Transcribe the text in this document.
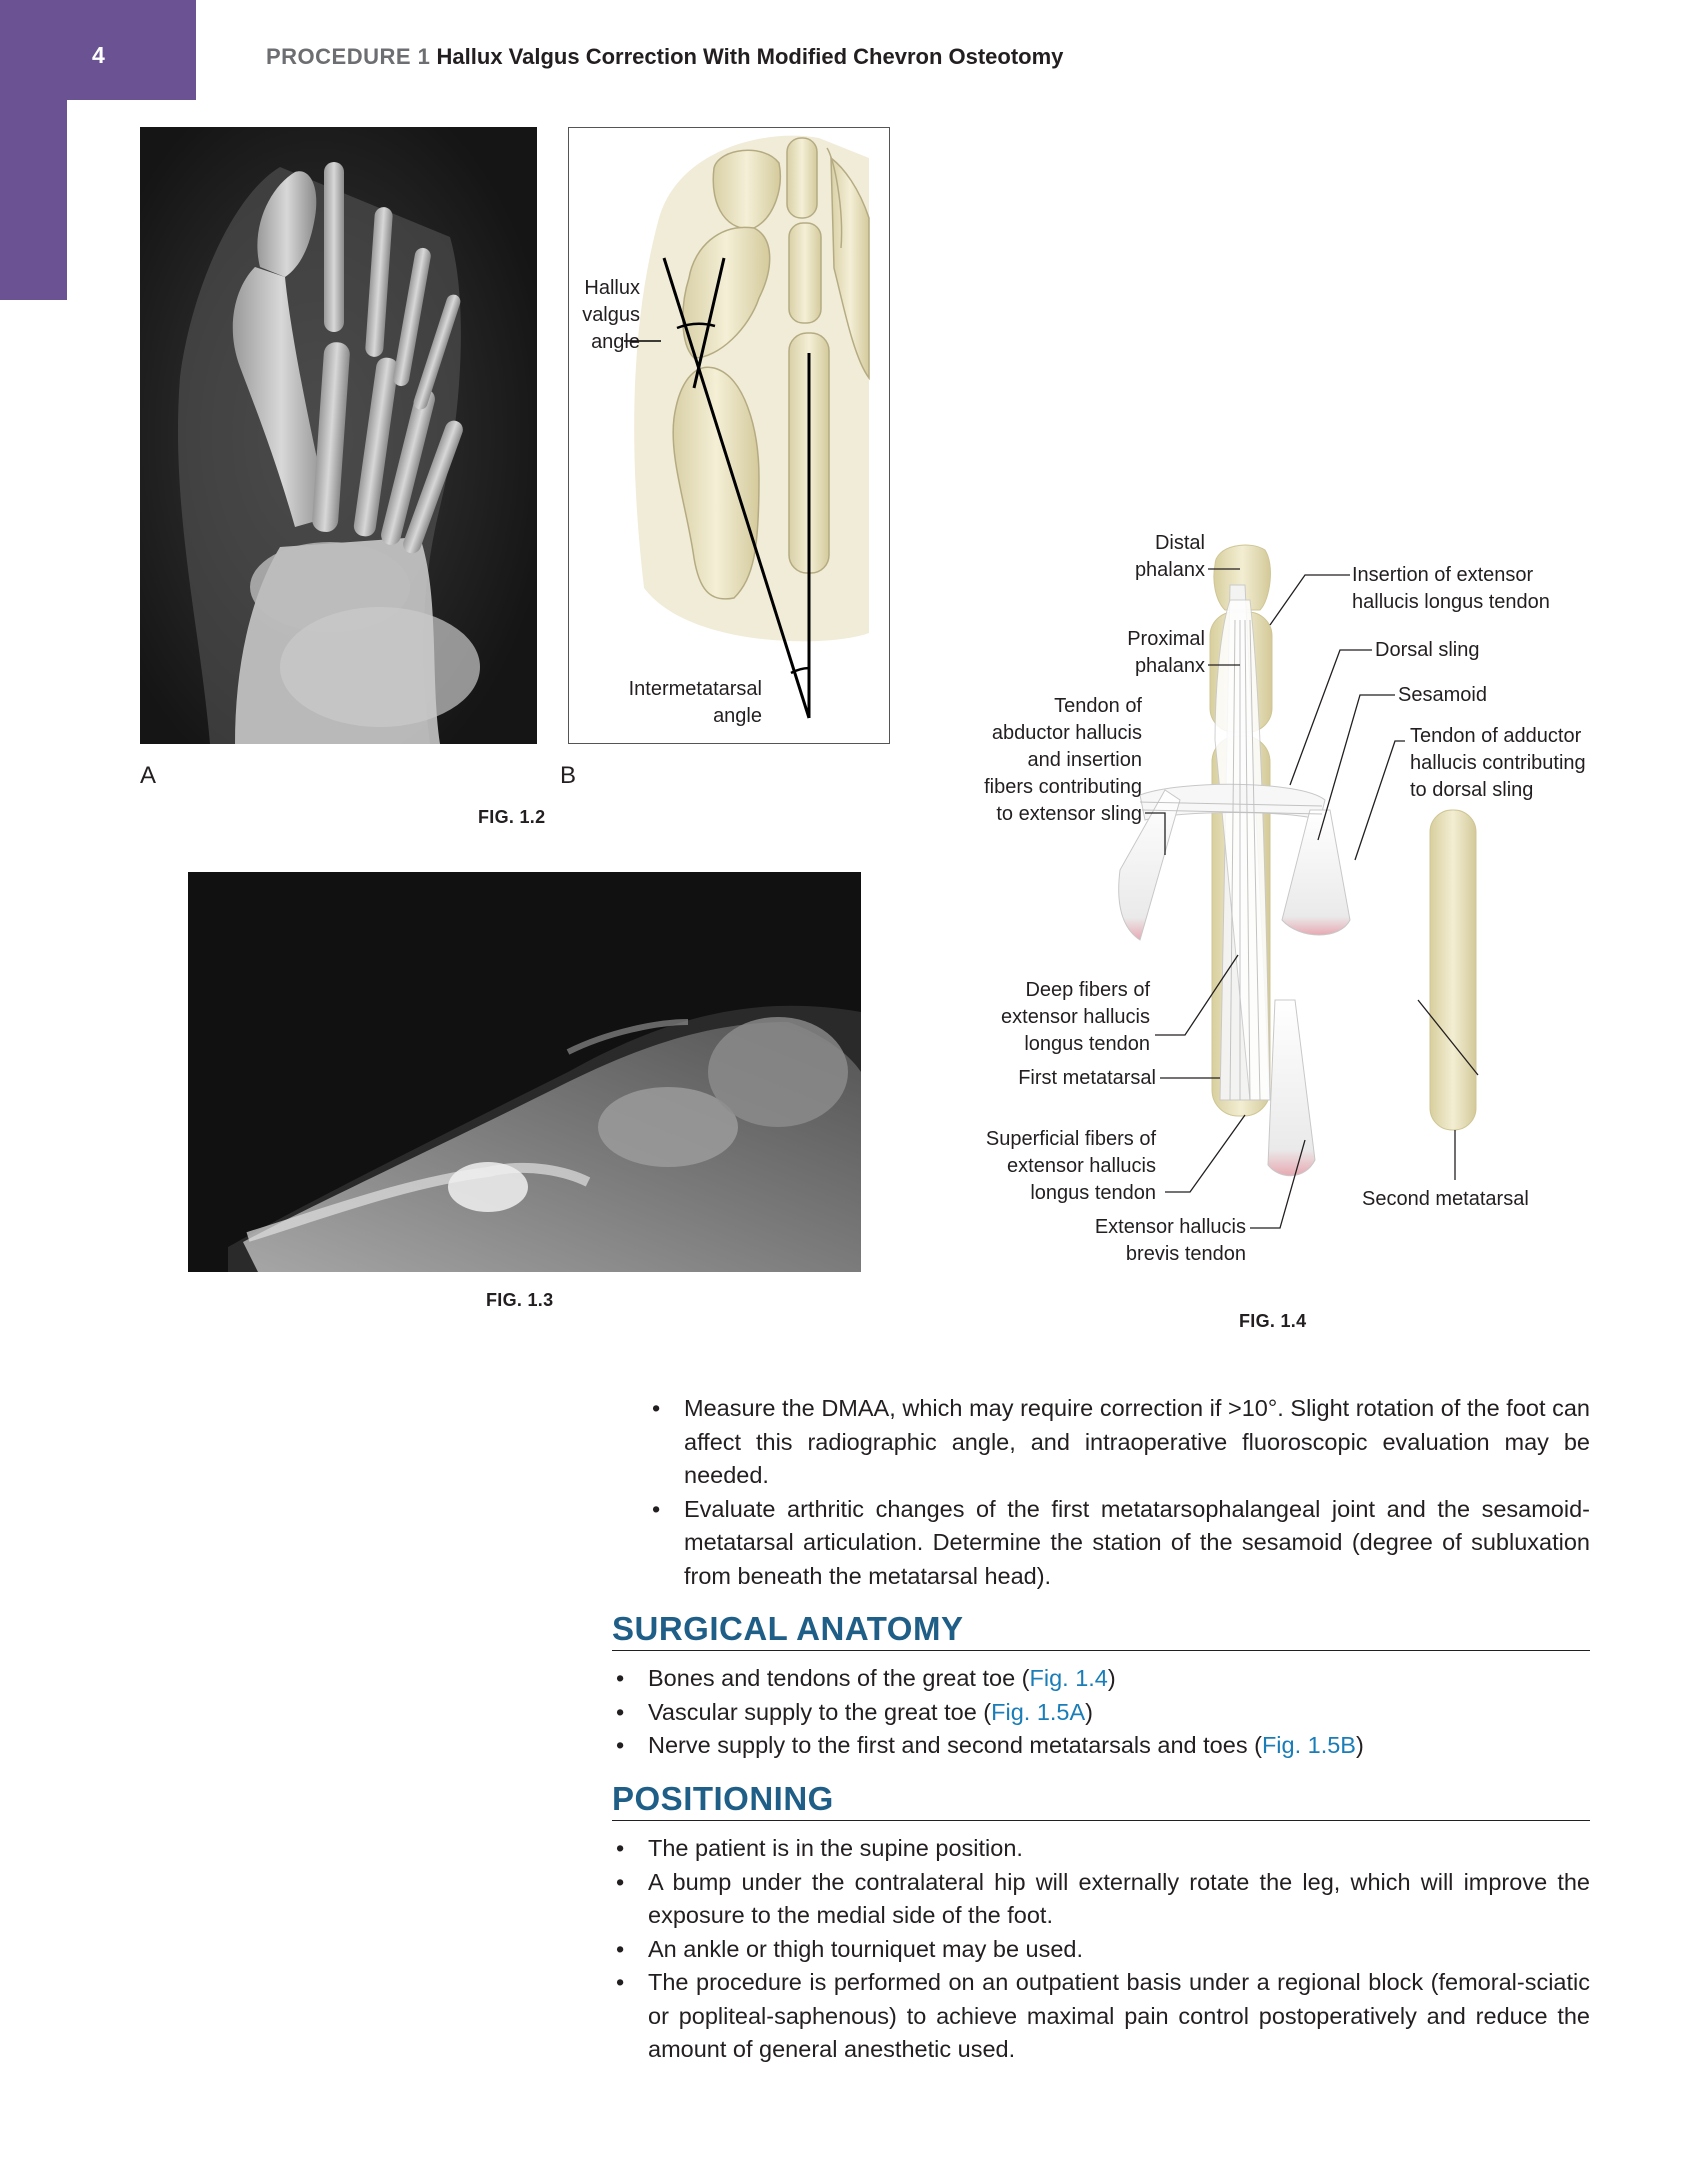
4	PROCEDURE 1 Hallux Valgus Correction With Modified Chevron Osteotomy
A
Hallux
valgus
angle
Intermetatarsal
angle
B
FIG. 1.2
FIG. 1.3
Distal
phalanx
Proximal
phalanx
Tendon of
abductor hallucis
and insertion
fibers contributing
to extensor sling
Insertion of extensor
hallucis longus tendon
Dorsal sling
Sesamoid
Tendon of adductor
hallucis contributing
to dorsal sling
Deep fibers of
extensor hallucis
longus tendon
First metatarsal
Superficial fibers of
extensor hallucis
longus tendon
Extensor hallucis
brevis tendon
Second metatarsal
FIG. 1.4
• Measure the DMAA, which may require correction if >10°. Slight rotation of the foot can affect this radiographic angle, and intraoperative fluoroscopic evaluation may be needed.
• Evaluate arthritic changes of the first metatarsophalangeal joint and the sesamoid-metatarsal articulation. Determine the station of the sesamoid (degree of subluxation from beneath the metatarsal head).
SURGICAL ANATOMY
• Bones and tendons of the great toe (Fig. 1.4)
• Vascular supply to the great toe (Fig. 1.5A)
• Nerve supply to the first and second metatarsals and toes (Fig. 1.5B)
POSITIONING
• The patient is in the supine position.
• A bump under the contralateral hip will externally rotate the leg, which will improve the exposure to the medial side of the foot.
• An ankle or thigh tourniquet may be used.
• The procedure is performed on an outpatient basis under a regional block (femoral-sciatic or popliteal-saphenous) to achieve maximal pain control postoperatively and reduce the amount of general anesthetic used.
